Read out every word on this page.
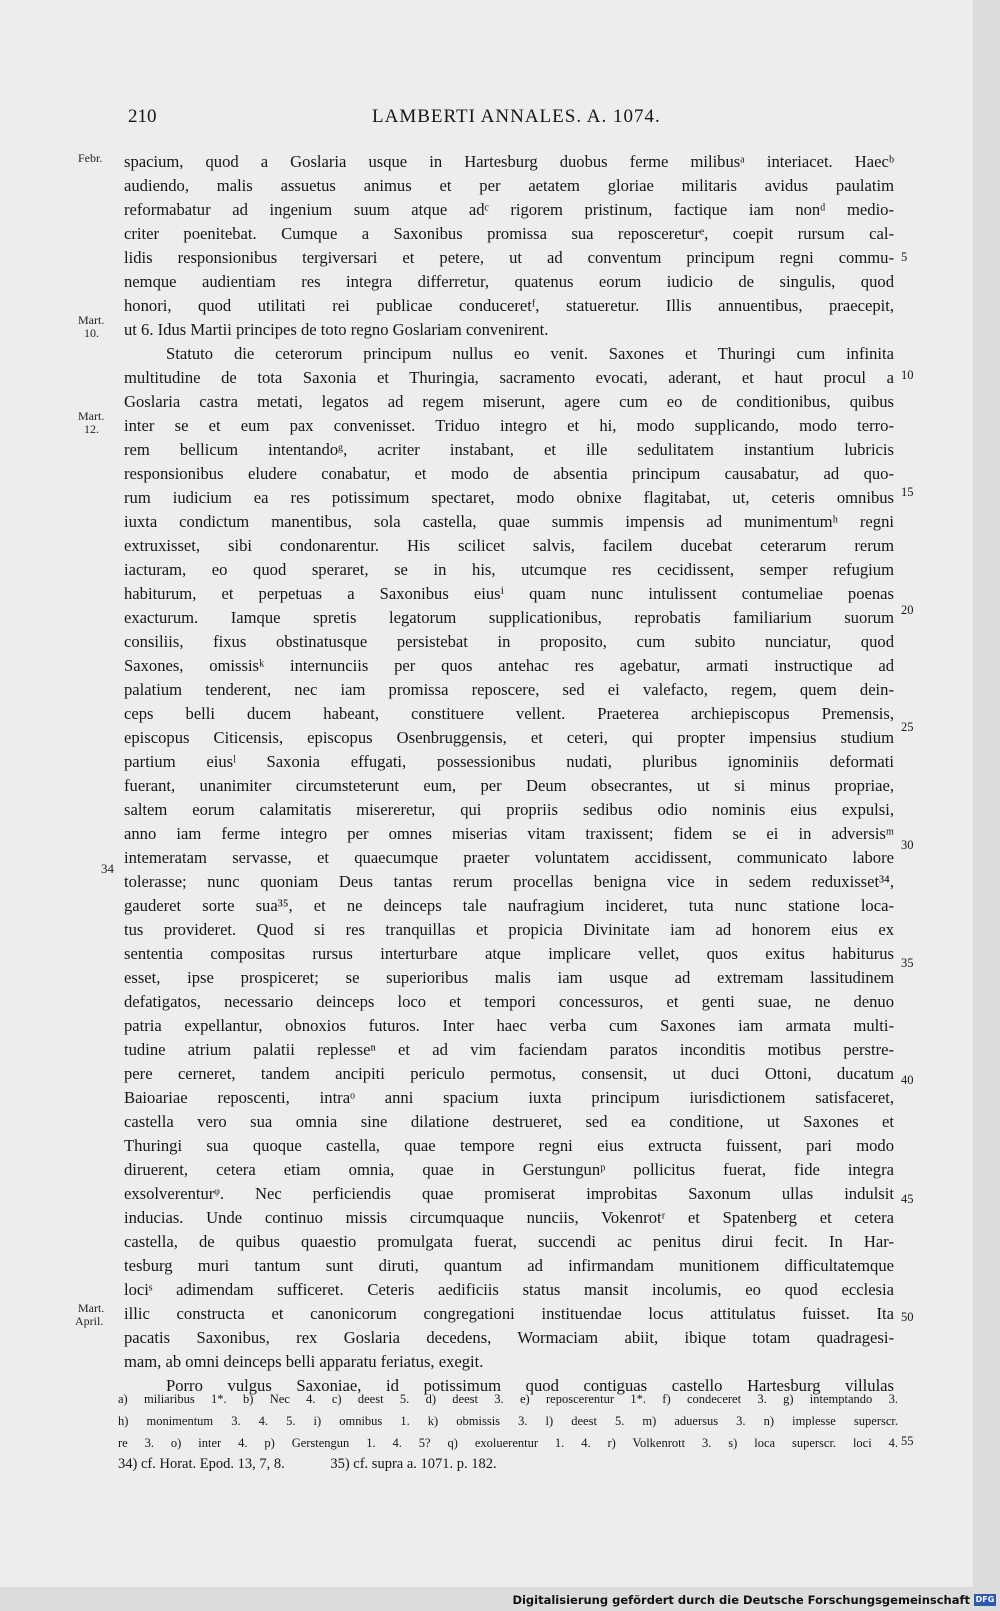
210	LAMBERTI ANNALES. A. 1074.
Febr.
Mart.
10.
Mart.
12.
34
Mart.
April.
spacium, quod a Goslaria usque in Hartesburg duobus ferme milibusᵃ interiacet. Haecᵇ
audiendo, malis assuetus animus et per aetatem gloriae militaris avidus paulatim
reformabatur ad ingenium suum atque adᶜ rigorem pristinum, factique iam nonᵈ medio-
criter poenitebat. Cumque a Saxonibus promissa sua reposcereturᵉ, coepit rursum cal-
lidis responsionibus tergiversari et petere, ut ad conventum principum regni commu-
nemque audientiam res integra differretur, quatenus eorum iudicio de singulis, quod
honori, quod utilitati rei publicae conduceretᶠ, statueretur. Illis annuentibus, praecepit,
ut 6. Idus Martii principes de toto regno Goslariam convenirent.
Statuto die ceterorum principum nullus eo venit. Saxones et Thuringi cum infinita
multitudine de tota Saxonia et Thuringia, sacramento evocati, aderant, et haut procul a
Goslaria castra metati, legatos ad regem miserunt, agere cum eo de conditionibus, quibus
inter se et eum pax convenisset. Triduo integro et hi, modo supplicando, modo terro-
rem bellicum intentandoᵍ, acriter instabant, et ille sedulitatem instantium lubricis
responsionibus eludere conabatur, et modo de absentia principum causabatur, ad quo-
rum iudicium ea res potissimum spectaret, modo obnixe flagitabat, ut, ceteris omnibus
iuxta condictum manentibus, sola castella, quae summis impensis ad munimentumʰ regni
extruxisset, sibi condonarentur. His scilicet salvis, facilem ducebat ceterarum rerum
iacturam, eo quod speraret, se in his, utcumque res cecidissent, semper refugium
habiturum, et perpetuas a Saxonibus eiusⁱ quam nunc intulissent contumeliae poenas
exacturum. Iamque spretis legatorum supplicationibus, reprobatis familiarium suorum
consiliis, fixus obstinatusque persistebat in proposito, cum subito nunciatur, quod
Saxones, omissisᵏ internunciis per quos antehac res agebatur, armati instructique ad
palatium tenderent, nec iam promissa reposcere, sed ei valefacto, regem, quem dein-
ceps belli ducem habeant, constituere vellent. Praeterea archiepiscopus Premensis,
episcopus Citicensis, episcopus Osenbruggensis, et ceteri, qui propter impensius studium
partium eiusˡ Saxonia effugati, possessionibus nudati, pluribus ignominiis deformati
fuerant, unanimiter circumsteterunt eum, per Deum obsecrantes, ut si minus propriae,
saltem eorum calamitatis misereretur, qui propriis sedibus odio nominis eius expulsi,
anno iam ferme integro per omnes miserias vitam traxissent; fidem se ei in adversisᵐ
intemeratam servasse, et quaecumque praeter voluntatem accidissent, communicato labore
tolerasse; nunc quoniam Deus tantas rerum procellas benigna vice in sedem reduxisset³⁴,
gauderet sorte sua³⁵, et ne deinceps tale naufragium incideret, tuta nunc statione loca-
tus provideret. Quod si res tranquillas et propicia Divinitate iam ad honorem eius ex
sententia compositas rursus interturbare atque implicare vellet, quos exitus habiturus
esset, ipse prospiceret; se superioribus malis iam usque ad extremam lassitudinem
defatigatos, necessario deinceps loco et tempori concessuros, et genti suae, ne denuo
patria expellantur, obnoxios futuros. Inter haec verba cum Saxones iam armata multi-
tudine atrium palatii replesseⁿ et ad vim faciendam paratos inconditis motibus perstre-
pere cerneret, tandem ancipiti periculo permotus, consensit, ut duci Ottoni, ducatum
Baioariae reposcenti, intraᵒ anni spacium iuxta principum iurisdictionem satisfaceret,
castella vero sua omnia sine dilatione destrueret, sed ea conditione, ut Saxones et
Thuringi sua quoque castella, quae tempore regni eius extructa fuissent, pari modo
diruerent, cetera etiam omnia, quae in Gerstungunᵖ pollicitus fuerat, fide integra
exsolverenturᵠ. Nec perficiendis quae promiserat improbitas Saxonum ullas indulsit
inducias. Unde continuo missis circumquaque nunciis, Vokenrotʳ et Spatenberg et cetera
castella, de quibus quaestio promulgata fuerat, succendi ac penitus dirui fecit. In Har-
tesburg muri tantum sunt diruti, quantum ad infirmandam munitionem difficultatemque
lociˢ adimendam sufficeret. Ceteris aedificiis status mansit incolumis, eo quod ecclesia
illic constructa et canonicorum congregationi instituendae locus attitulatus fuisset. Ita
pacatis Saxonibus, rex Goslaria decedens, Wormaciam abiit, ibique totam quadragesi-
mam, ab omni deinceps belli apparatu feriatus, exegit.
Porro vulgus Saxoniae, id potissimum quod contiguas castello Hartesburg villulas
5
10
15
20
25
30
35
40
45
50
55
a) miliaribus 1*. b) Nec 4. c) deest 5. d) deest 3. e) reposcerentur 1*. f) condeceret 3. g) intemptando 3.
h) monimentum 3. 4. 5. i) omnibus 1. k) obmissis 3. l) deest 5. m) aduersus 3. n) implesse superscr.
re 3. o) inter 4. p) Gerstengun 1. 4. 5? q) exoluerentur 1. 4. r) Volkenrott 3. s) loca superscr. loci 4.
34) cf. Horat. Epod. 13, 7, 8.	35) cf. supra a. 1071. p. 182.
Digitalisierung gefördert durch die Deutsche Forschungsgemeinschaft DFG
